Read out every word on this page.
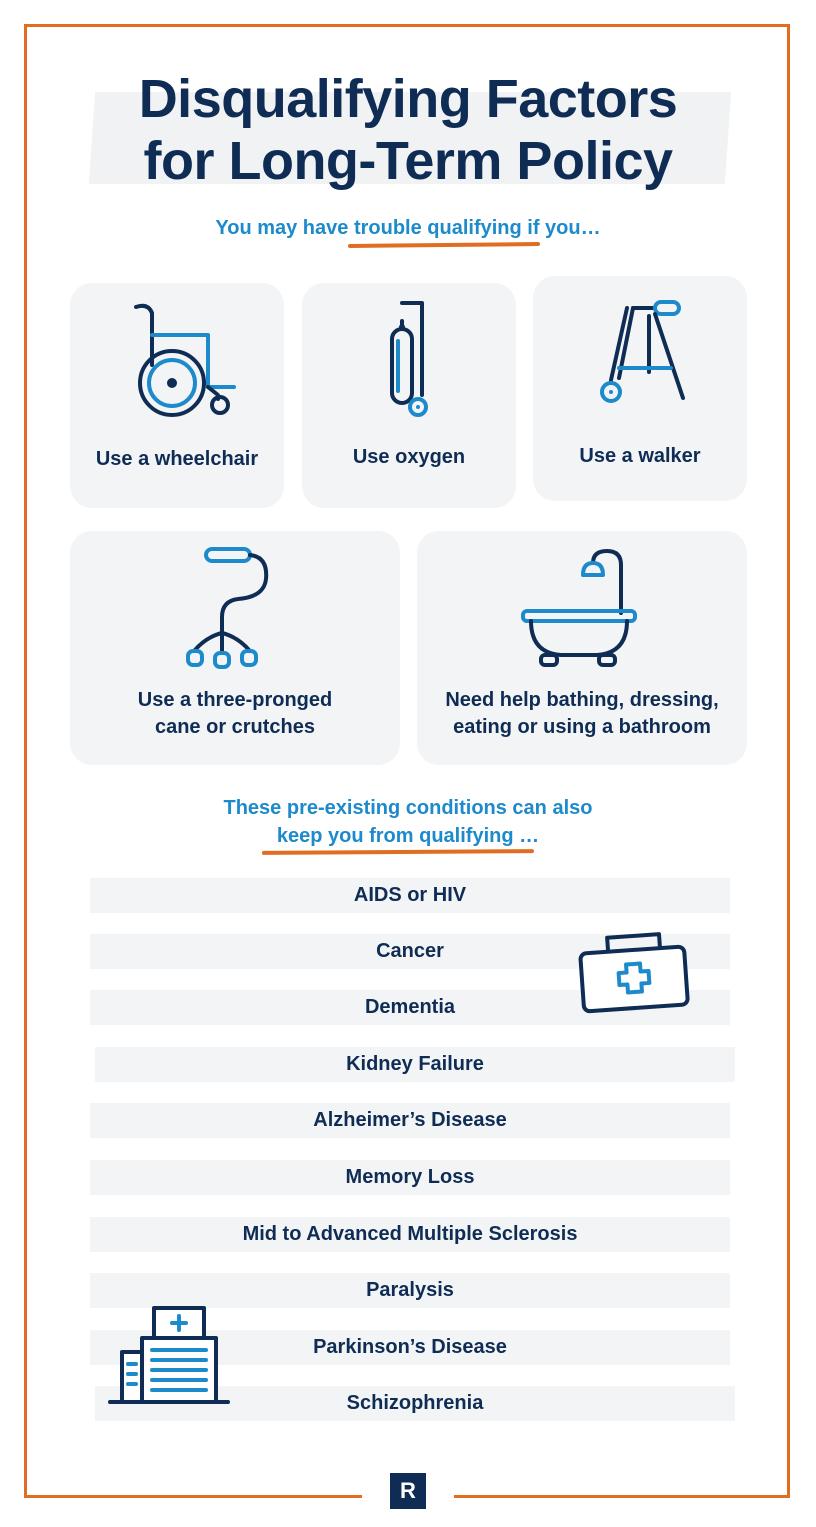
Disqualifying Factors
for Long-Term Policy
You may have trouble qualifying if you…
Use a wheelchair	Use oxygen	Use a walker
Use a three-pronged
cane or crutches
Need help bathing, dressing,
eating or using a bathroom
These pre-existing conditions can also
keep you from qualifying …
AIDS or HIV
Cancer
Dementia
Kidney Failure
Alzheimer’s Disease
Memory Loss
Mid to Advanced Multiple Sclerosis
Paralysis
Parkinson’s Disease
Schizophrenia
R
